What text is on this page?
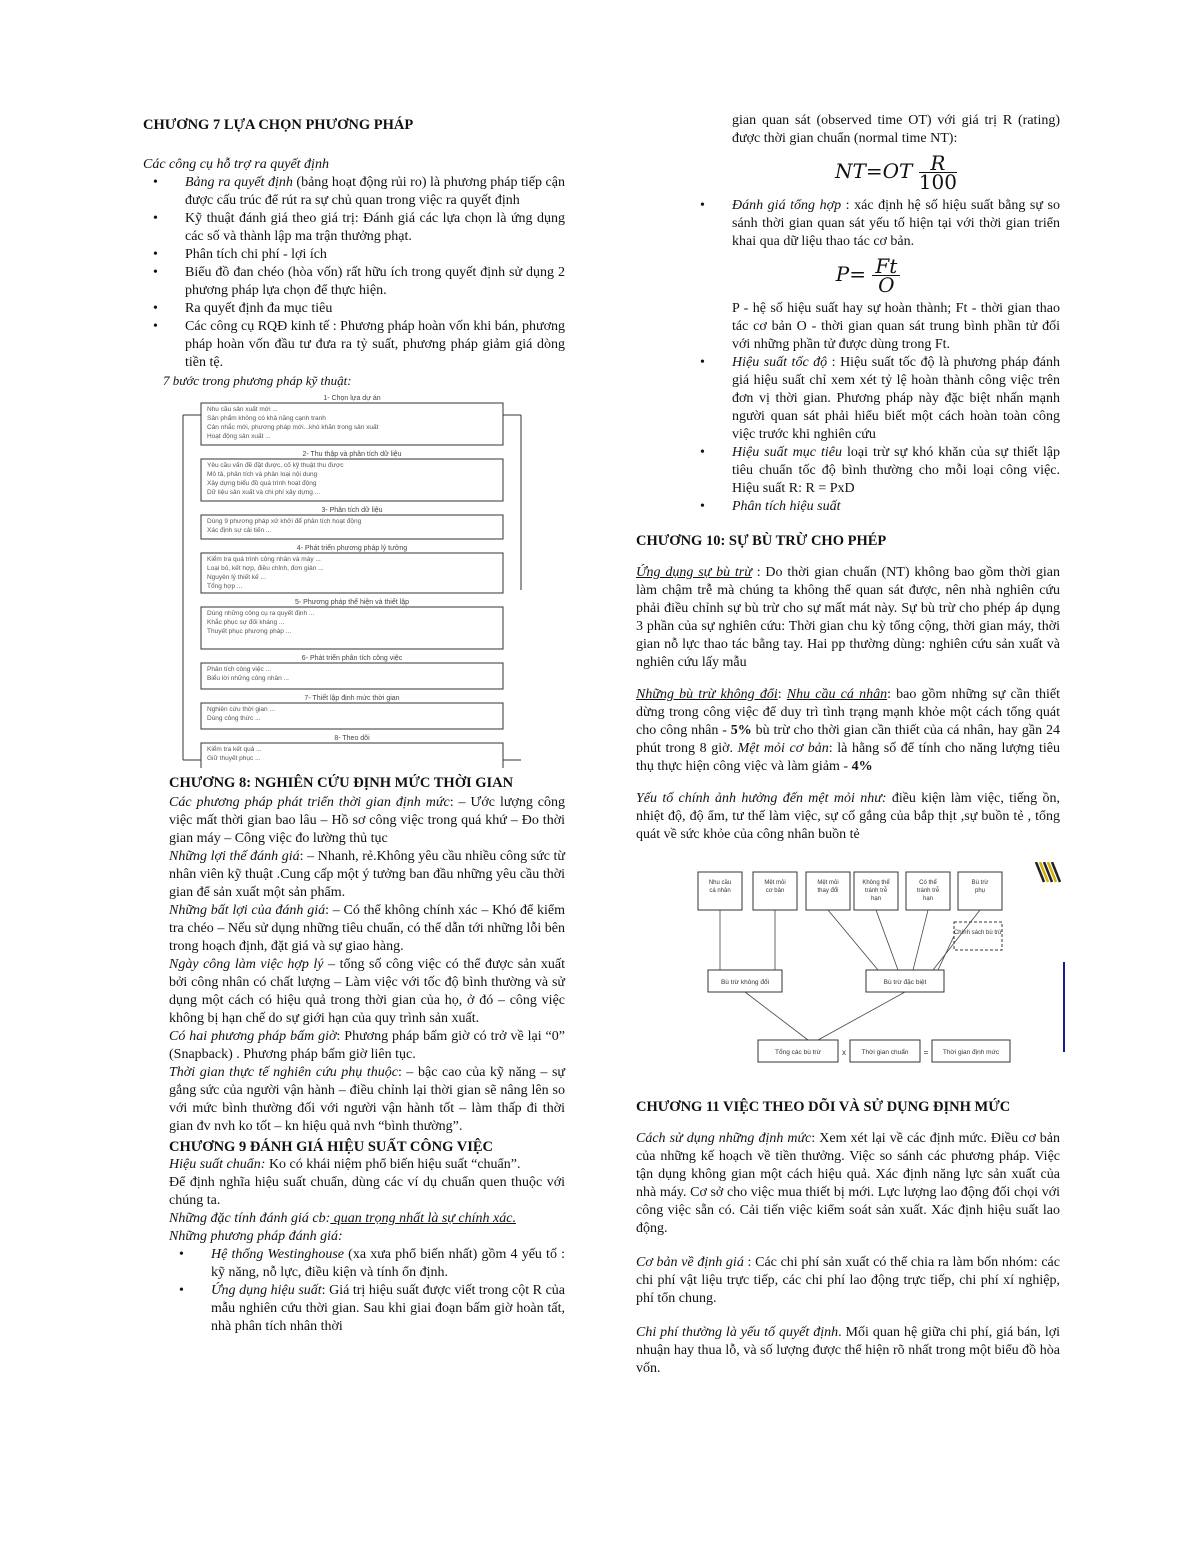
CHƯƠNG 7 LỰA CHỌN PHƯƠNG PHÁP

Các công cụ hỗ trợ ra quyết định

• Bảng ra quyết định (bảng hoạt động rủi ro) là phương pháp tiếp cận được cấu trúc để rút ra sự chủ quan trong việc ra quyết định
• Kỹ thuật đánh giá theo giá trị: Đánh giá các lựa chọn là ứng dụng các số và thành lập ma trận thưởng phạt.
• Phân tích chi phí - lợi ích
• Biểu đồ đan chéo (hòa vốn) rất hữu ích trong quyết định sử dụng 2 phương pháp lựa chọn để thực hiện.
• Ra quyết định đa mục tiêu
• Các công cụ RQĐ kinh tế : Phương pháp hoàn vốn khi bán, phương pháp hoàn vốn đầu tư đưa ra tỷ suất, phương pháp giảm giá dòng tiền tệ.

7 bước trong phương pháp kỹ thuật:

1- Chọn lựa dự án
Nhu cầu sản xuất mới ...
Sản phẩm không có khả năng cạnh tranh
Cân nhắc mới, phương pháp mới...khó khăn trong sản xuất
Hoạt động sản xuất ...
2- Thu thập và phân tích dữ liệu
Yêu cầu vấn đề đặt được, cố kỹ thuật thu được
Mô tả, phân tích và phân loại nội dung
Xây dựng biểu đồ quá trình hoạt động
Dữ liệu sản xuất và chi phí xây dựng ...
3- Phân tích dữ liệu
Dùng 9 phương pháp xử khởi để phân tích hoạt động
Xác định sự cải tiến ...
4- Phát triển phương pháp lý tưởng
Kiểm tra quá trình công nhân và máy ...
Loại bỏ, kết hợp, điều chỉnh, đơn giản ...
Nguyên lý thiết kế ...
Tổng hợp ...
5- Phương pháp thể hiện và thiết lập
Dùng những công cụ ra quyết định ...
Khắc phục sự đối kháng ...
Thuyết phục phương pháp ...
6- Phát triển phân tích công việc
Phân tích công việc ...
Biểu lời những công nhân ...
7- Thiết lập định mức thời gian
Nghiên cứu thời gian ...
Dùng công thức ...
8- Theo dõi
Kiểm tra kết quả ...
Giữ thuyết phục ...
CHƯƠNG 8: NGHIÊN CỨU ĐỊNH MỨC THỜI GIAN

Các phương pháp phát triển thời gian định mức: – Ước lượng công việc mất thời gian bao lâu – Hồ sơ công việc trong quá khứ – Đo thời gian máy – Công việc đo lường thủ tục

Những lợi thế đánh giá: – Nhanh, rẻ.Không yêu cầu nhiều công sức từ nhân viên kỹ thuật .Cung cấp một ý tưởng ban đầu những yêu cầu thời gian để sản xuất một sản phẩm.

Những bất lợi của đánh giá: – Có thể không chính xác – Khó để kiểm tra chéo – Nếu sử dụng những tiêu chuẩn, có thể dẫn tới những lỗi bên trong hoạch định, đặt giá và sự giao hàng.

Ngày công làm việc hợp lý – tổng số công việc có thể được sản xuất bởi công nhân có chất lượng – Làm việc với tốc độ bình thường và sử dụng một cách có hiệu quả trong thời gian của họ, ở đó – công việc không bị hạn chế do sự giới hạn của quy trình sản xuất.

Có hai phương pháp bấm giờ: Phương pháp bấm giờ có trở về lại “0” (Snapback) . Phương pháp bấm giờ liên tục.

Thời gian thực tế nghiên cứu phụ thuộc: – bậc cao của kỹ năng – sự gắng sức của người vận hành – điều chỉnh lại thời gian sẽ nâng lên so với mức bình thường đối với người vận hành tốt – làm thấp đi thời gian đv nvh ko tốt – kn hiệu quả nvh “bình thường”.

CHƯƠNG 9 ĐÁNH GIÁ HIỆU SUẤT CÔNG VIỆC

Hiệu suất chuẩn: Ko có khái niệm phổ biến hiệu suất “chuẩn”.

Để định nghĩa hiệu suất chuẩn, dùng các ví dụ chuẩn quen thuộc với chúng ta.

Những đặc tính đánh giá cb: quan trọng nhất là sự chính xác.

Những phương pháp đánh giá:

• Hệ thống Westinghouse (xa xưa phổ biến nhất) gồm 4 yếu tố : kỹ năng, nỗ lực, điều kiện và tính ổn định.
• Ứng dụng hiệu suất: Giá trị hiệu suất được viết trong cột R của mẫu nghiên cứu thời gian. Sau khi giai đoạn bấm giờ hoàn tất, nhà phân tích nhân thời

gian quan sát (observed time OT) với giá trị R (rating) được thời gian chuẩn (normal time NT):

$NT=OT \frac{R}{100}$
• Đánh giá tổng hợp : xác định hệ số hiệu suất bằng sự so sánh thời gian quan sát yếu tố hiện tại với thời gian triển khai qua dữ liệu thao tác cơ bản.
$P= \frac{Ft}{O}$

P - hệ số hiệu suất hay sự hoàn thành; Ft - thời gian thao tác cơ bản O - thời gian quan sát trung bình phần tử đối với những phần tử được dùng trong Ft.

• Hiệu suất tốc độ : Hiệu suất tốc độ là phương pháp đánh giá hiệu suất chỉ xem xét tỷ lệ hoàn thành công việc trên đơn vị thời gian. Phương pháp này đặc biệt nhấn mạnh người quan sát phải hiểu biết một cách hoàn toàn công việc trước khi nghiên cứu
• Hiệu suất mục tiêu loại trừ sự khó khăn của sự thiết lập tiêu chuẩn tốc độ bình thường cho mỗi loại công việc. Hiệu suất R: R = PxD
• Phân tích hiệu suất
CHƯƠNG 10: SỰ BÙ TRỪ CHO PHÉP

Ứng dụng sự bù trừ : Do thời gian chuẩn (NT) không bao gồm thời gian làm chậm trễ mà chúng ta không thể quan sát được, nên nhà nghiên cứu phải điều chỉnh sự bù trừ cho sự mất mát này. Sự bù trừ cho phép áp dụng 3 phần của sự nghiên cứu: Thời gian chu kỳ tổng cộng, thời gian máy, thời gian nỗ lực thao tác bằng tay. Hai pp thường dùng: nghiên cứu sản xuất và nghiên cứu lấy mẫu

Những bù trừ không đổi: Nhu cầu cá nhân: bao gồm những sự cần thiết dừng trong công việc để duy trì tình trạng mạnh khỏe một cách tổng quát cho công nhân - 5% bù trừ cho thời gian cần thiết của cá nhân, hay gần 24 phút trong 8 giờ. Mệt mỏi cơ bản: là hằng số để tính cho năng lượng tiêu thụ thực hiện công việc và làm giảm - 4%

Yếu tố chính ảnh hưởng đến mệt mỏi như: điều kiện làm việc, tiếng ồn, nhiệt độ, độ ẩm, tư thế làm việc, sự cố gắng của bắp thịt ,sự buồn tẻ , tổng quát về sức khỏe của công nhân buồn tẻ

Nhu cầu
cá nhân
Mệt mỏi
cơ bản
Mệt mỏi
thay đổi
Không thể
tránh trễ
hạn
Có thể
tránh trễ
hạn
Bù trừ
phụ
Chính sách bù trừ
Bù trừ không đổi	Bù trừ đặc biệt
Tổng các bù trừ	Thời gian chuẩn	Thời gian định mức
x	=
CHƯƠNG 11 VIỆC THEO DÕI VÀ SỬ DỤNG ĐỊNH MỨC

Cách sử dụng những định mức: Xem xét lại về các định mức. Điều cơ bản của những kế hoạch về tiền thưởng. Việc so sánh các phương pháp. Việc tận dụng không gian một cách hiệu quả. Xác định năng lực sản xuất của nhà máy. Cơ sở cho việc mua thiết bị mới. Lực lượng lao động đối chọi với công việc sẵn có. Cải tiến việc kiểm soát sản xuất. Xác định hiệu suất lao động.

Cơ bản về định giá : Các chi phí sản xuất có thể chia ra làm bốn nhóm: các chi phí vật liệu trực tiếp, các chi phí lao động trực tiếp, chi phí xí nghiệp, phí tổn chung.

Chi phí thường là yếu tố quyết định. Mối quan hệ giữa chi phí, giá bán, lợi nhuận hay thua lỗ, và số lượng được thể hiện rõ nhất trong một biểu đồ hòa vốn.
